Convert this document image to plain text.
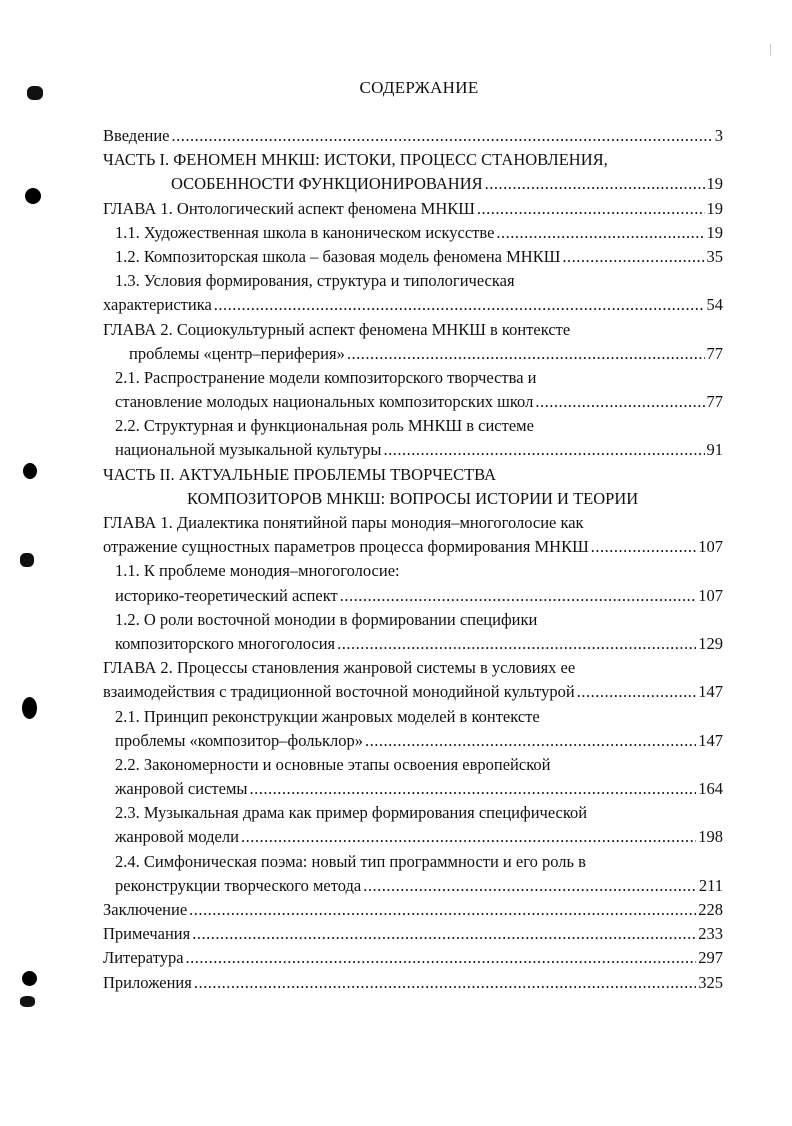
СОДЕРЖАНИЕ
Введение .....	3
ЧАСТЬ I. ФЕНОМЕН МНКШ: ИСТОКИ, ПРОЦЕСС СТАНОВЛЕНИЯ,
ОСОБЕННОСТИ ФУНКЦИОНИРОВАНИЯ .....	19
ГЛАВА 1. Онтологический аспект феномена МНКШ .....	19
1.1. Художественная школа в каноническом искусстве .....	19
1.2. Композиторская школа – базовая модель феномена МНКШ .....	35
1.3. Условия формирования, структура и типологическая
характеристика .....	54
ГЛАВА 2. Социокультурный аспект феномена МНКШ в контексте
проблемы «центр–периферия» .....	77
2.1. Распространение модели композиторского творчества и
становление молодых национальных композиторских школ .....	77
2.2. Структурная и функциональная роль МНКШ в системе
национальной музыкальной культуры .....	91
ЧАСТЬ II. АКТУАЛЬНЫЕ ПРОБЛЕМЫ ТВОРЧЕСТВА
КОМПОЗИТОРОВ МНКШ: ВОПРОСЫ ИСТОРИИ И ТЕОРИИ
ГЛАВА 1. Диалектика понятийной пары монодия–многоголосие как
отражение сущностных параметров процесса формирования МНКШ .....	107
1.1. К проблеме монодия–многоголосие:
историко-теоретический аспект .....	107
1.2. О роли восточной монодии в формировании специфики
композиторского многоголосия .....	129
ГЛАВА 2. Процессы становления жанровой системы в условиях ее
взаимодействия с традиционной восточной монодийной культурой .....	147
2.1. Принцип реконструкции жанровых моделей в контексте
проблемы «композитор–фольклор» .....	147
2.2. Закономерности и основные этапы освоения европейской
жанровой системы .....	164
2.3. Музыкальная драма как пример формирования специфической
жанровой модели .....	198
2.4. Симфоническая поэма: новый тип программности и его роль в
реконструкции творческого метода .....	211
Заключение .....	228
Примечания .....	233
Литература .....	297
Приложения .....	325
